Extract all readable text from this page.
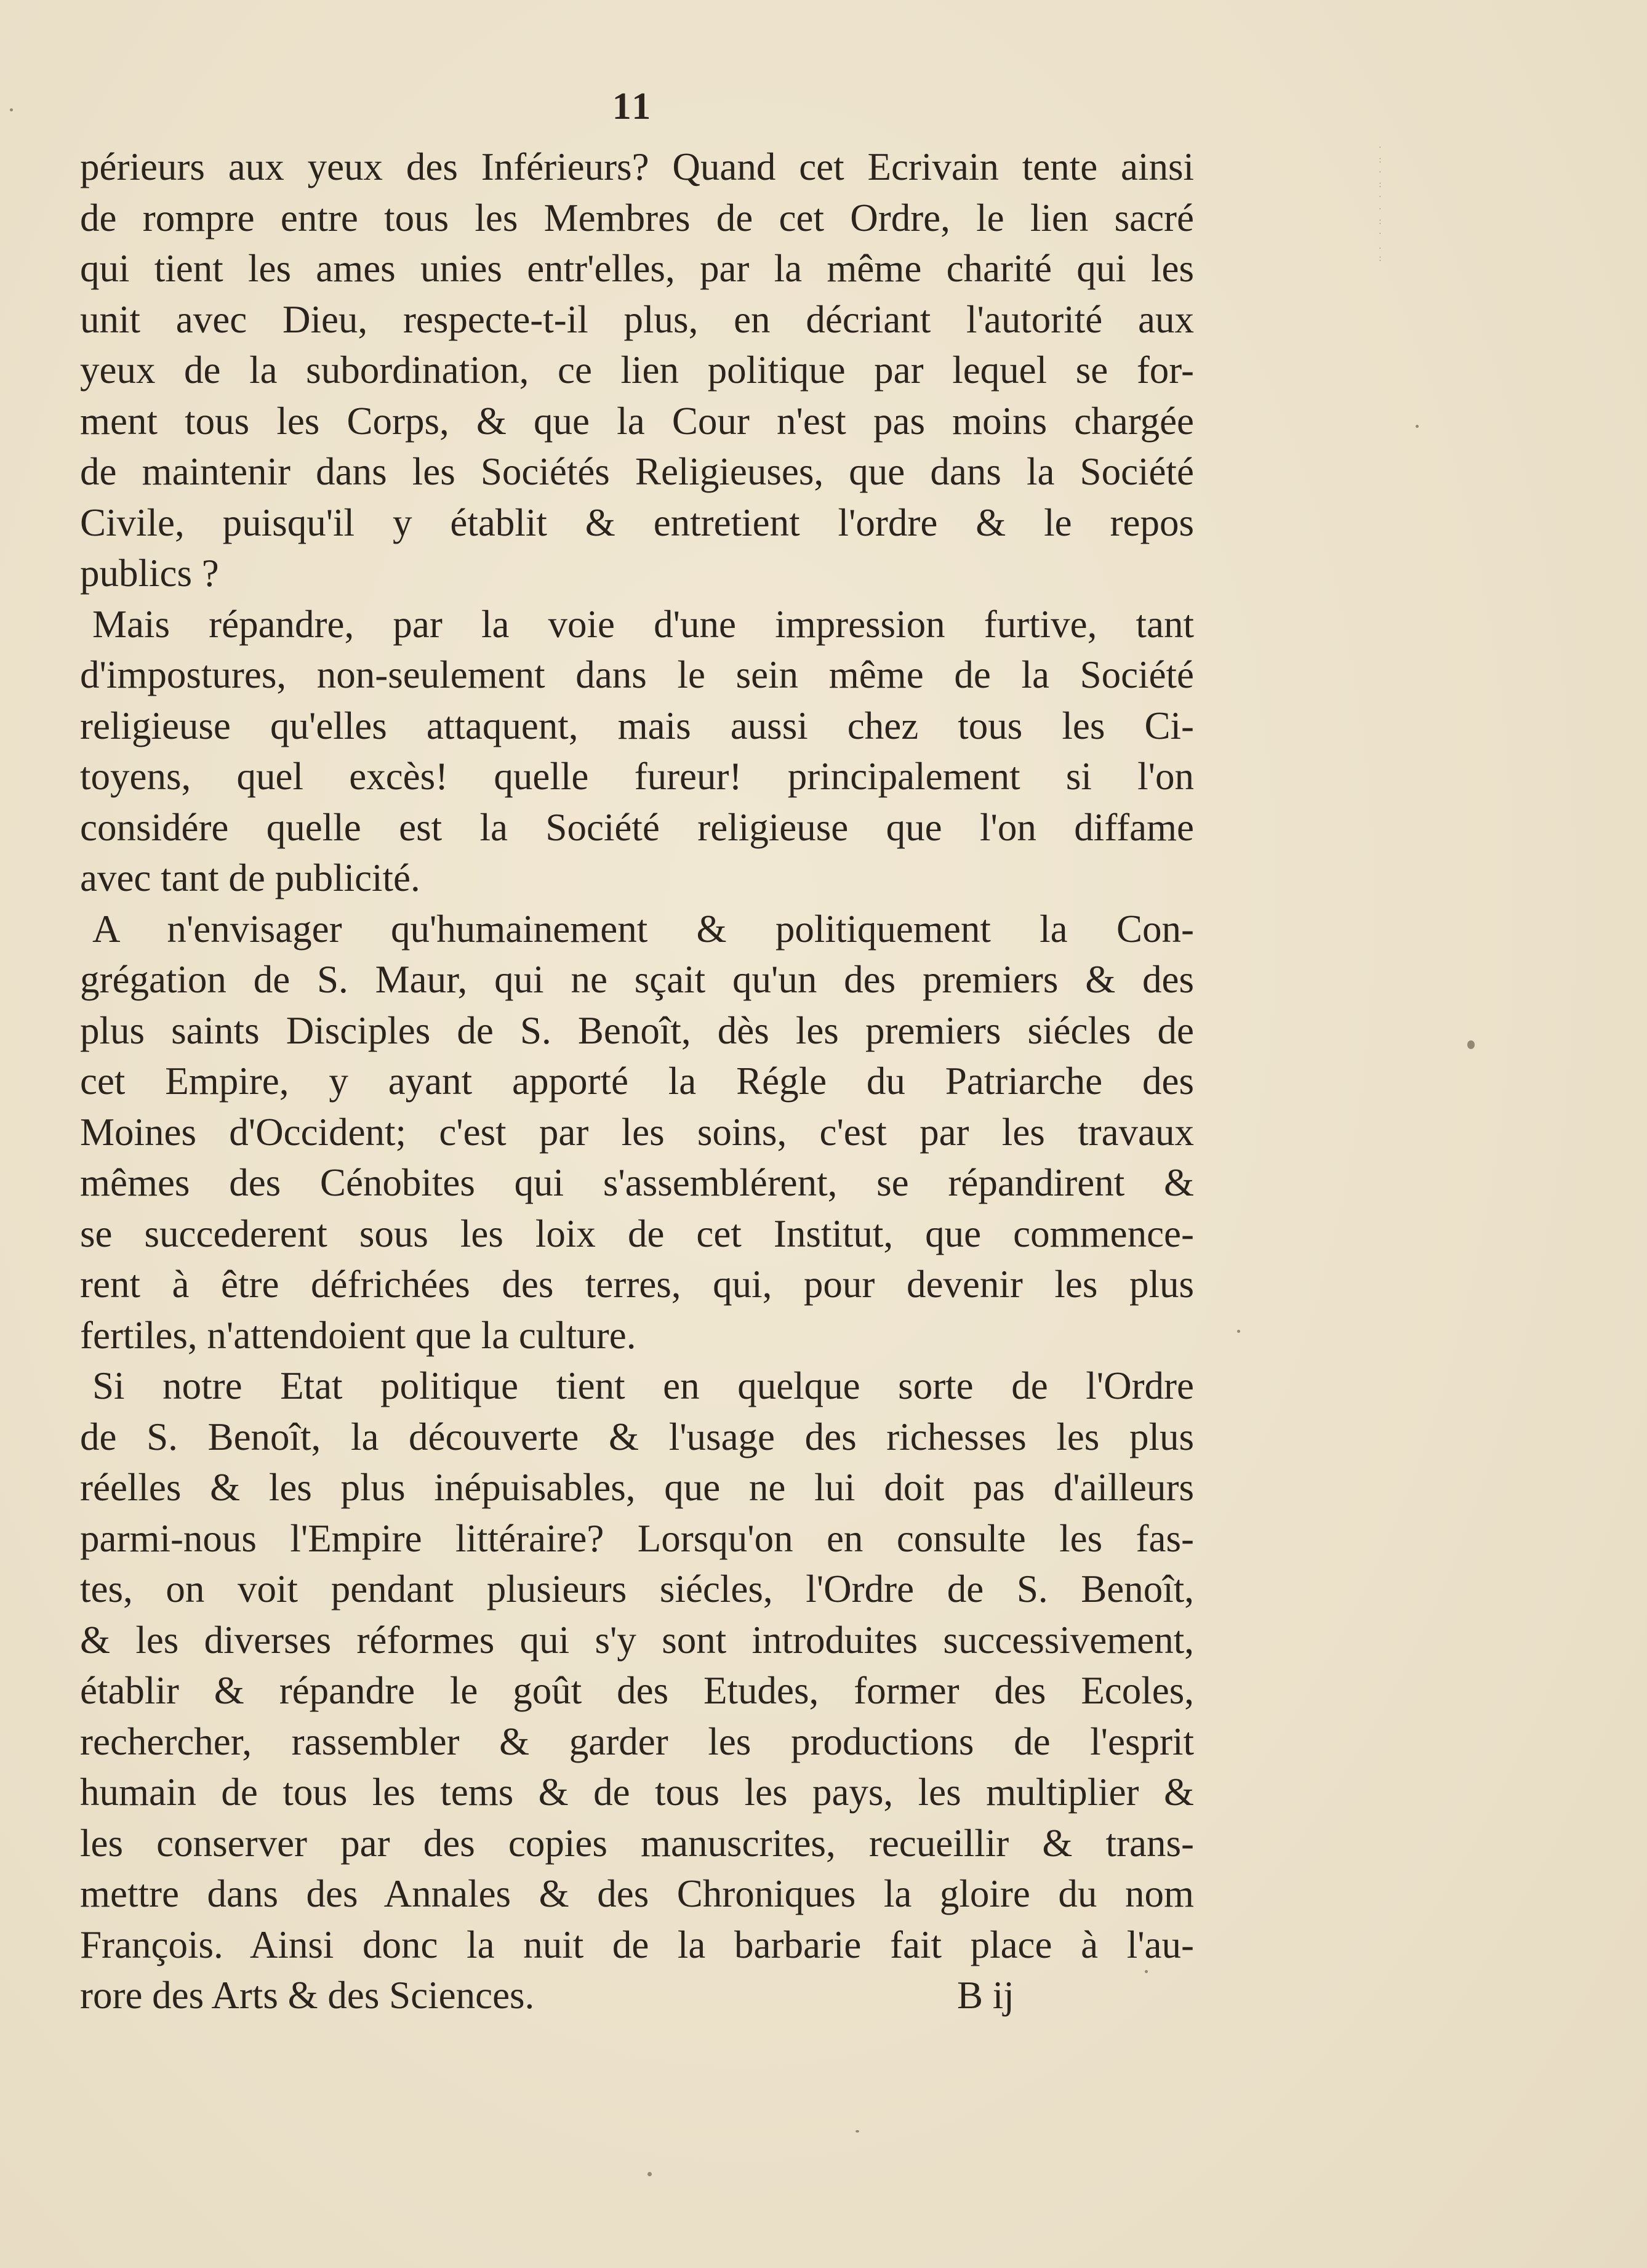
11
·
:
·
:
·
·
:
·
.
:
périeurs aux yeux des Inférieurs? Quand cet Ecrivain tente ainsi
de rompre entre tous les Membres de cet Ordre, le lien sacré
qui tient les ames unies entr'elles, par la même charité qui les
unit avec Dieu, respecte-t-il plus, en décriant l'autorité aux
yeux de la subordination, ce lien politique par lequel se for-
ment tous les Corps, & que la Cour n'est pas moins chargée
de maintenir dans les Sociétés Religieuses, que dans la Société
Civile, puisqu'il y établit & entretient l'ordre & le repos
publics ?
Mais répandre, par la voie d'une impression furtive, tant
d'impostures, non-seulement dans le sein même de la Société
religieuse qu'elles attaquent, mais aussi chez tous les Ci-
toyens, quel excès! quelle fureur! principalement si l'on
considére quelle est la Société religieuse que l'on diffame
avec tant de publicité.
A n'envisager qu'humainement & politiquement la Con-
grégation de S. Maur, qui ne sçait qu'un des premiers & des
plus saints Disciples de S. Benoît, dès les premiers siécles de
cet Empire, y ayant apporté la Régle du Patriarche des
Moines d'Occident; c'est par les soins, c'est par les travaux
mêmes des Cénobites qui s'assemblérent, se répandirent &
se succederent sous les loix de cet Institut, que commence-
rent à être défrichées des terres, qui, pour devenir les plus
fertiles, n'attendoient que la culture.
Si notre Etat politique tient en quelque sorte de l'Ordre
de S. Benoît, la découverte & l'usage des richesses les plus
réelles & les plus inépuisables, que ne lui doit pas d'ailleurs
parmi-nous l'Empire littéraire? Lorsqu'on en consulte les fas-
tes, on voit pendant plusieurs siécles, l'Ordre de S. Benoît,
& les diverses réformes qui s'y sont introduites successivement,
établir & répandre le goût des Etudes, former des Ecoles,
rechercher, rassembler & garder les productions de l'esprit
humain de tous les tems & de tous les pays, les multiplier &
les conserver par des copies manuscrites, recueillir & trans-
mettre dans des Annales & des Chroniques la gloire du nom
François. Ainsi donc la nuit de la barbarie fait place à l'au-
rore des Arts & des Sciences.	B ij
